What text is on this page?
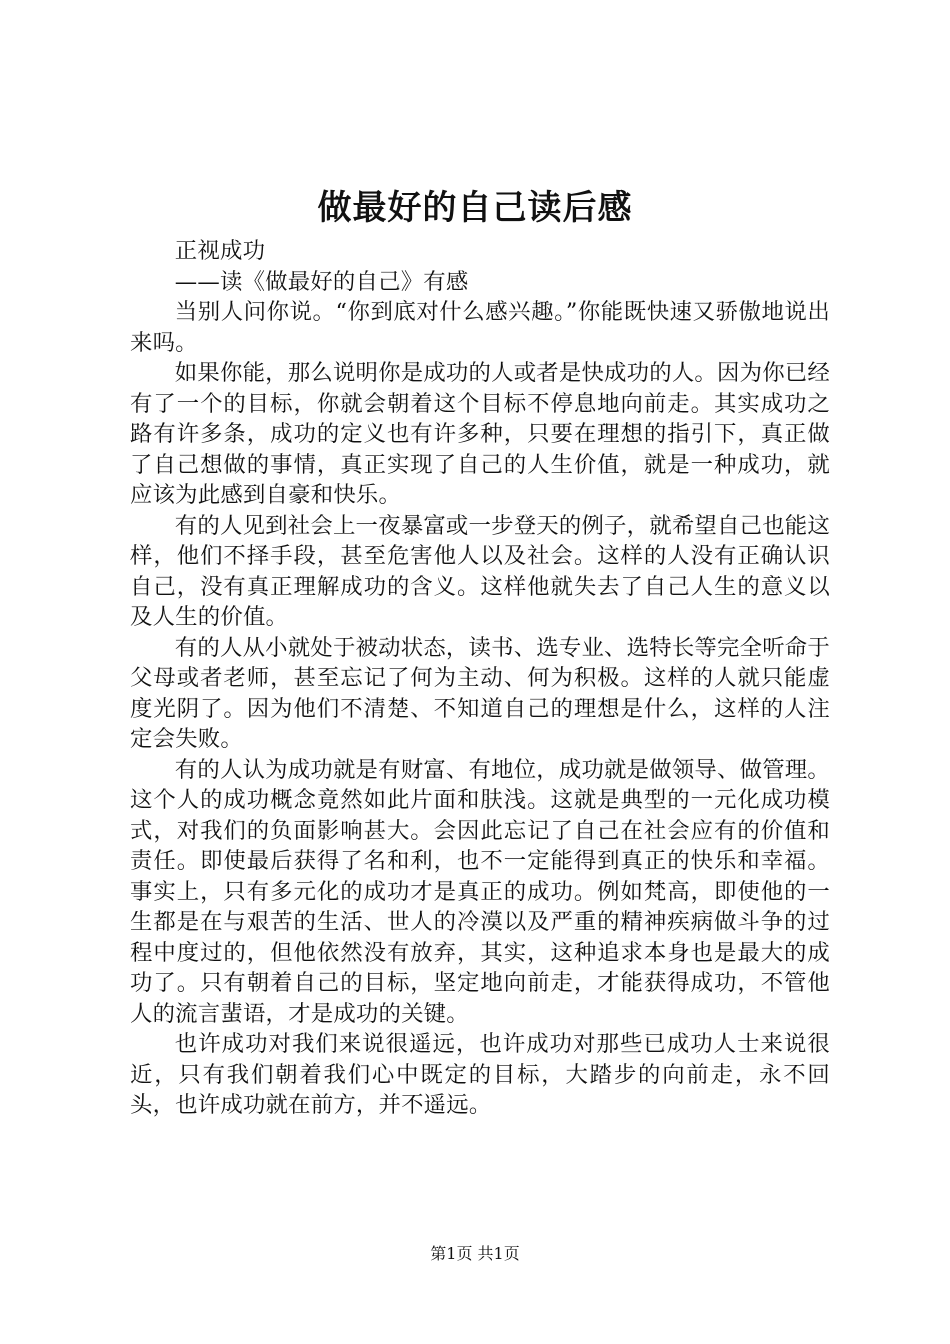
做最好的自己读后感

正视成功

——读《做最好的自己》有感

当别人问你说。“你到底对什么感兴趣。”你能既快速又骄傲地说出来吗。

如果你能，那么说明你是成功的人或者是快成功的人。因为你已经有了一个的目标，你就会朝着这个目标不停息地向前走。其实成功之路有许多条，成功的定义也有许多种，只要在理想的指引下，真正做了自己想做的事情，真正实现了自己的人生价值，就是一种成功，就应该为此感到自豪和快乐。

有的人见到社会上一夜暴富或一步登天的例子，就希望自己也能这样，他们不择手段，甚至危害他人以及社会。这样的人没有正确认识自己，没有真正理解成功的含义。这样他就失去了自己人生的意义以及人生的价值。

有的人从小就处于被动状态，读书、选专业、选特长等完全听命于父母或者老师，甚至忘记了何为主动、何为积极。这样的人就只能虚度光阴了。因为他们不清楚、不知道自己的理想是什么，这样的人注定会失败。

有的人认为成功就是有财富、有地位，成功就是做领导、做管理。这个人的成功概念竟然如此片面和肤浅。这就是典型的一元化成功模式，对我们的负面影响甚大。会因此忘记了自己在社会应有的价值和责任。即使最后获得了名和利，也不一定能得到真正的快乐和幸福。事实上，只有多元化的成功才是真正的成功。例如梵高，即使他的一生都是在与艰苦的生活、世人的冷漠以及严重的精神疾病做斗争的过程中度过的，但他依然没有放弃，其实，这种追求本身也是最大的成功了。只有朝着自己的目标，坚定地向前走，才能获得成功，不管他人的流言蜚语，才是成功的关键。

也许成功对我们来说很遥远，也许成功对那些已成功人士来说很近，只有我们朝着我们心中既定的目标，大踏步的向前走，永不回头，也许成功就在前方，并不遥远。

第1页 共1页
